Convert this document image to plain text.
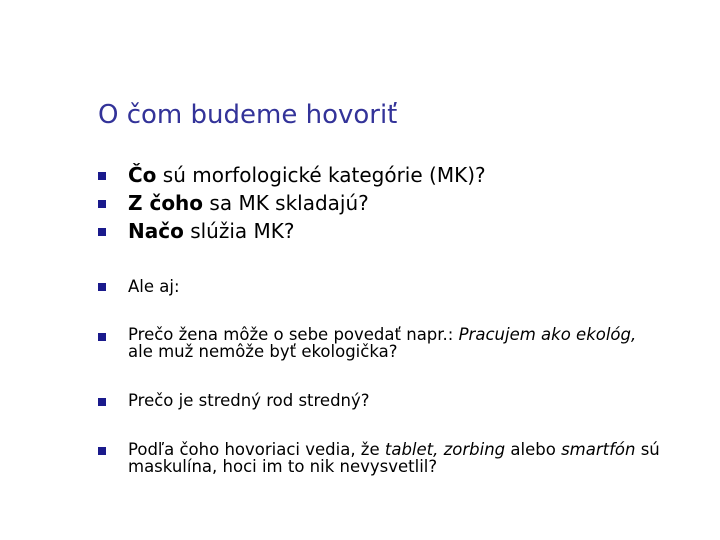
O čom budeme hovoriť
Čo sú morfologické kategórie (MK)?
Z čoho sa MK skladajú?
Načo slúžia MK?
Ale aj:
Prečo žena môže o sebe povedať napr.: Pracujem ako ekológ,
ale muž nemôže byť ekologička?
Prečo je stredný rod stredný?
Podľa čoho hovoriaci vedia, že tablet, zorbing alebo smartfón sú
maskulína, hoci im to nik nevysvetlil?
